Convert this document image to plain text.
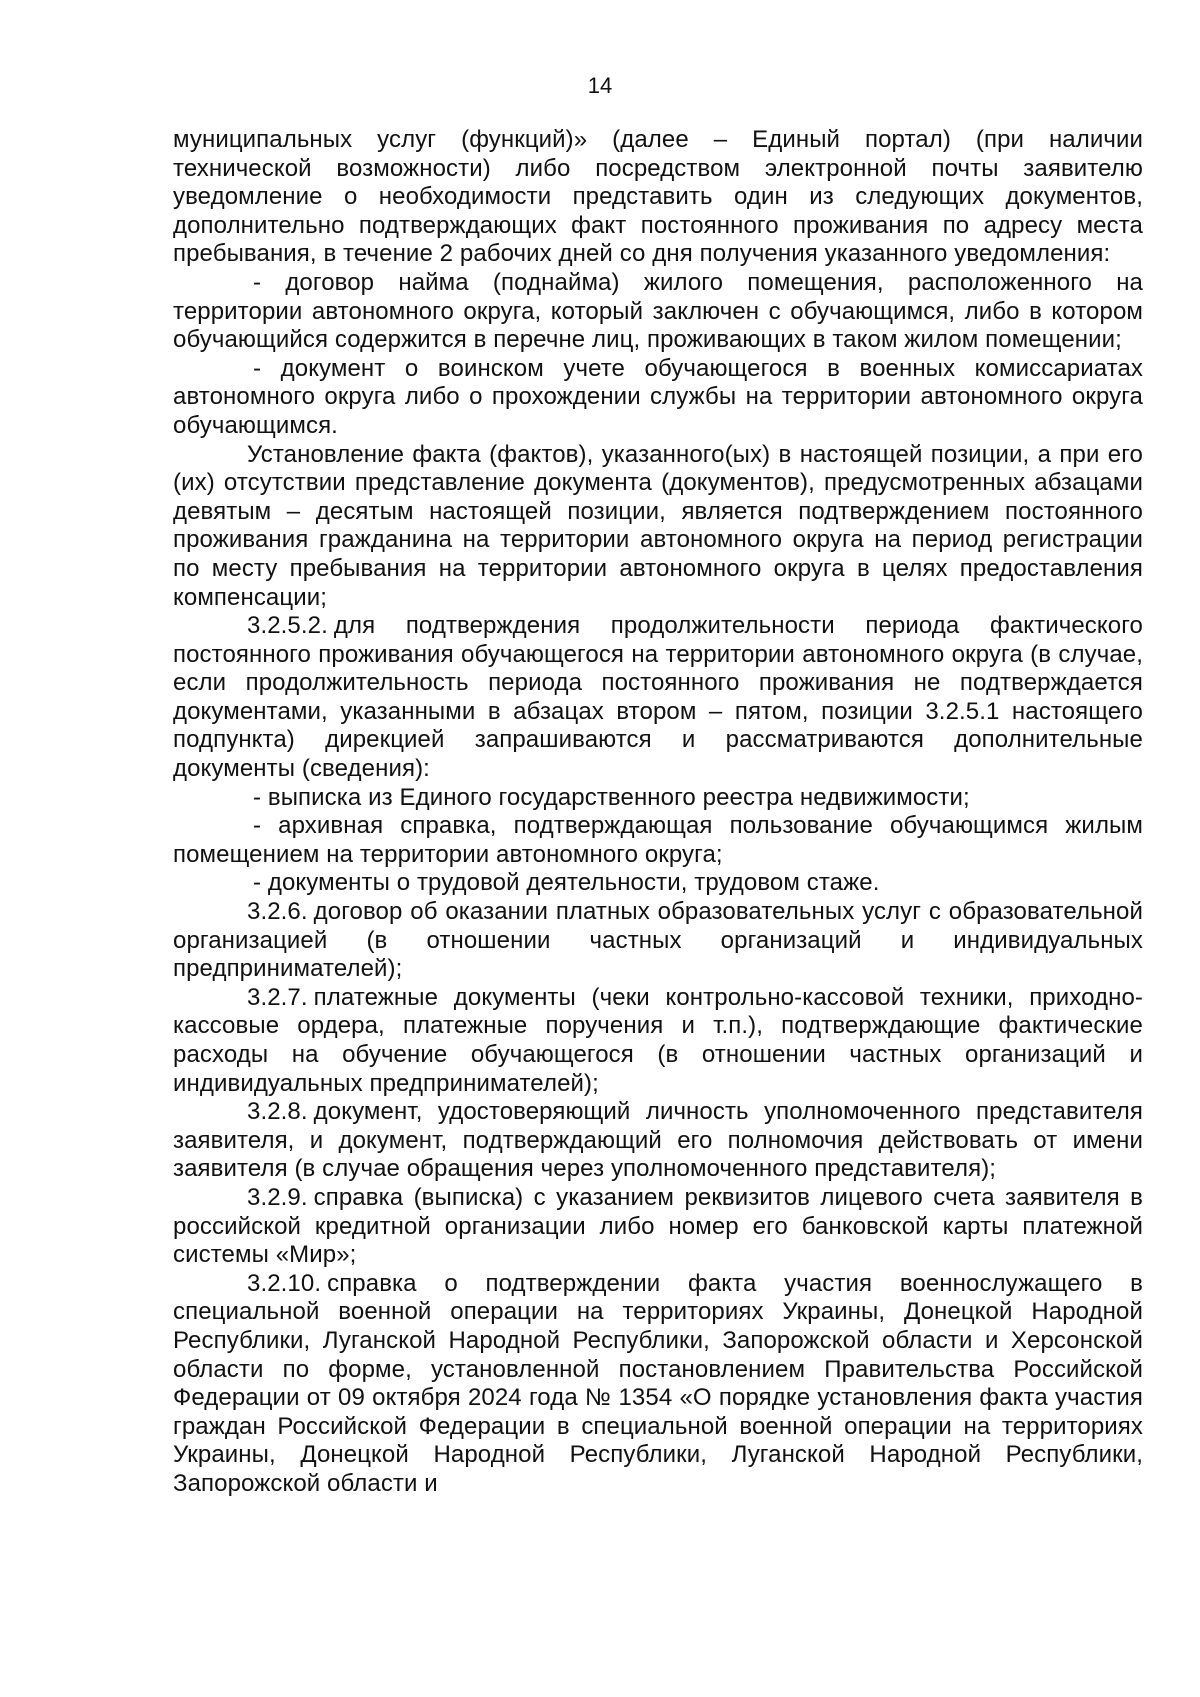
14

муниципальных услуг (функций)» (далее – Единый портал) (при наличии технической возможности) либо посредством электронной почты заявителю уведомление о необходимости представить один из следующих документов, дополнительно подтверждающих факт постоянного проживания по адресу места пребывания, в течение 2 рабочих дней со дня получения указанного уведомления:

- договор найма (поднайма) жилого помещения, расположенного на территории автономного округа, который заключен с обучающимся, либо в котором обучающийся содержится в перечне лиц, проживающих в таком жилом помещении;

- документ о воинском учете обучающегося в военных комиссариатах автономного округа либо о прохождении службы на территории автономного округа обучающимся.

Установление факта (фактов), указанного(ых) в настоящей позиции, а при его (их) отсутствии представление документа (документов), предусмотренных абзацами девятым – десятым настоящей позиции, является подтверждением постоянного проживания гражданина на территории автономного округа на период регистрации по месту пребывания на территории автономного округа в целях предоставления компенсации;

3.2.5.2. для подтверждения продолжительности периода фактического постоянного проживания обучающегося на территории автономного округа (в случае, если продолжительность периода постоянного проживания не подтверждается документами, указанными в абзацах втором – пятом, позиции 3.2.5.1 настоящего подпункта) дирекцией запрашиваются и рассматриваются дополнительные документы (сведения):

- выписка из Единого государственного реестра недвижимости;

- архивная справка, подтверждающая пользование обучающимся жилым помещением на территории автономного округа;

- документы о трудовой деятельности, трудовом стаже.

3.2.6. договор об оказании платных образовательных услуг с образовательной организацией (в отношении частных организаций и индивидуальных предпринимателей);

3.2.7. платежные документы (чеки контрольно-кассовой техники, приходно-кассовые ордера, платежные поручения и т.п.), подтверждающие фактические расходы на обучение обучающегося (в отношении частных организаций и индивидуальных предпринимателей);

3.2.8. документ, удостоверяющий личность уполномоченного представителя заявителя, и документ, подтверждающий его полномочия действовать от имени заявителя (в случае обращения через уполномоченного представителя);

3.2.9. справка (выписка) с указанием реквизитов лицевого счета заявителя в российской кредитной организации либо номер его банковской карты платежной системы «Мир»;

3.2.10. справка о подтверждении факта участия военнослужащего в специальной военной операции на территориях Украины, Донецкой Народной Республики, Луганской Народной Республики, Запорожской области и Херсонской области по форме, установленной постановлением Правительства Российской Федерации от 09 октября 2024 года № 1354 «О порядке установления факта участия граждан Российской Федерации в специальной военной операции на территориях Украины, Донецкой Народной Республики, Луганской Народной Республики, Запорожской области и
